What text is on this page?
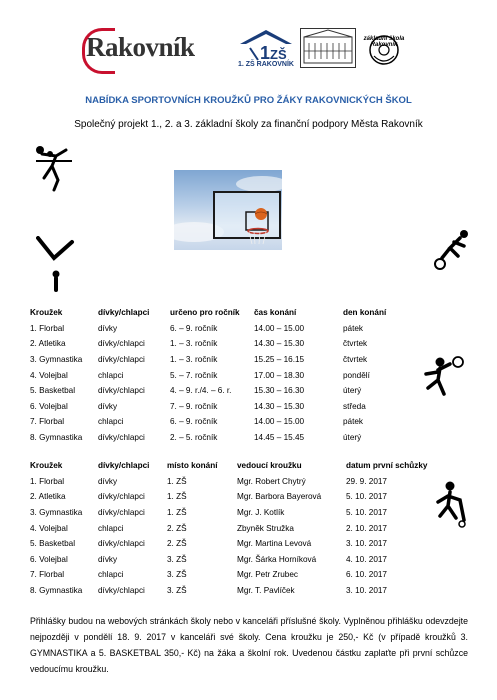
Rakovník	1 ZŠ
1. ZŠ RAKOVNÍK
základní škola Rakovník
NABÍDKA SPORTOVNÍCH KROUŽKŮ PRO ŽÁKY RAKOVNICKÝCH ŠKOL
Společný projekt 1., 2. a 3. základní školy za finanční podpory Města Rakovník
Kroužek	dívky/chlapci	určeno pro ročník	čas konání	den konání
1. Florbal	dívky	6. – 9. ročník	14.00 – 15.00	pátek
2. Atletika	dívky/chlapci	1. – 3. ročník	14.30 – 15.30	čtvrtek
3. Gymnastika	dívky/chlapci	1. – 3. ročník	15.25 – 16.15	čtvrtek
4. Volejbal	chlapci	5. – 7. ročník	17.00 – 18.30	pondělí
5. Basketbal	dívky/chlapci	4. – 9. r./4. – 6. r.	15.30 – 16.30	úterý
6. Volejbal	dívky	7. – 9. ročník	14.30 – 15.30	středa
7. Florbal	chlapci	6. – 9. ročník	14.00 – 15.00	pátek
8. Gymnastika	dívky/chlapci	2. – 5. ročník	14.45 – 15.45	úterý
Kroužek	dívky/chlapci	místo konání	vedoucí kroužku	datum první schůzky
1. Florbal	dívky	1. ZŠ	Mgr. Robert Chytrý	29. 9. 2017
2. Atletika	dívky/chlapci	1. ZŠ	Mgr. Barbora Bayerová	5. 10. 2017
3. Gymnastika	dívky/chlapci	1. ZŠ	Mgr. J. Kotlík	5. 10. 2017
4. Volejbal	chlapci	2. ZŠ	Zbyněk Stružka	2. 10. 2017
5. Basketbal	dívky/chlapci	2. ZŠ	Mgr. Martina Levová	3. 10. 2017
6. Volejbal	dívky	3. ZŠ	Mgr. Šárka Horníková	4. 10. 2017
7. Florbal	chlapci	3. ZŠ	Mgr. Petr Zrubec	6. 10. 2017
8. Gymnastika	dívky/chlapci	3. ZŠ	Mgr. T. Pavlíček	3. 10. 2017
Přihlášky budou na webových stránkách školy nebo v kanceláři příslušné školy. Vyplněnou přihlášku odevzdejte nejpozději v pondělí 18. 9. 2017 v kanceláři své školy. Cena kroužku je 250,- Kč (v případě kroužků 3. GYMNASTIKA a 5. BASKETBAL 350,- Kč) na žáka a školní rok. Uvedenou částku zaplaťte při první schůzce vedoucímu kroužku.
